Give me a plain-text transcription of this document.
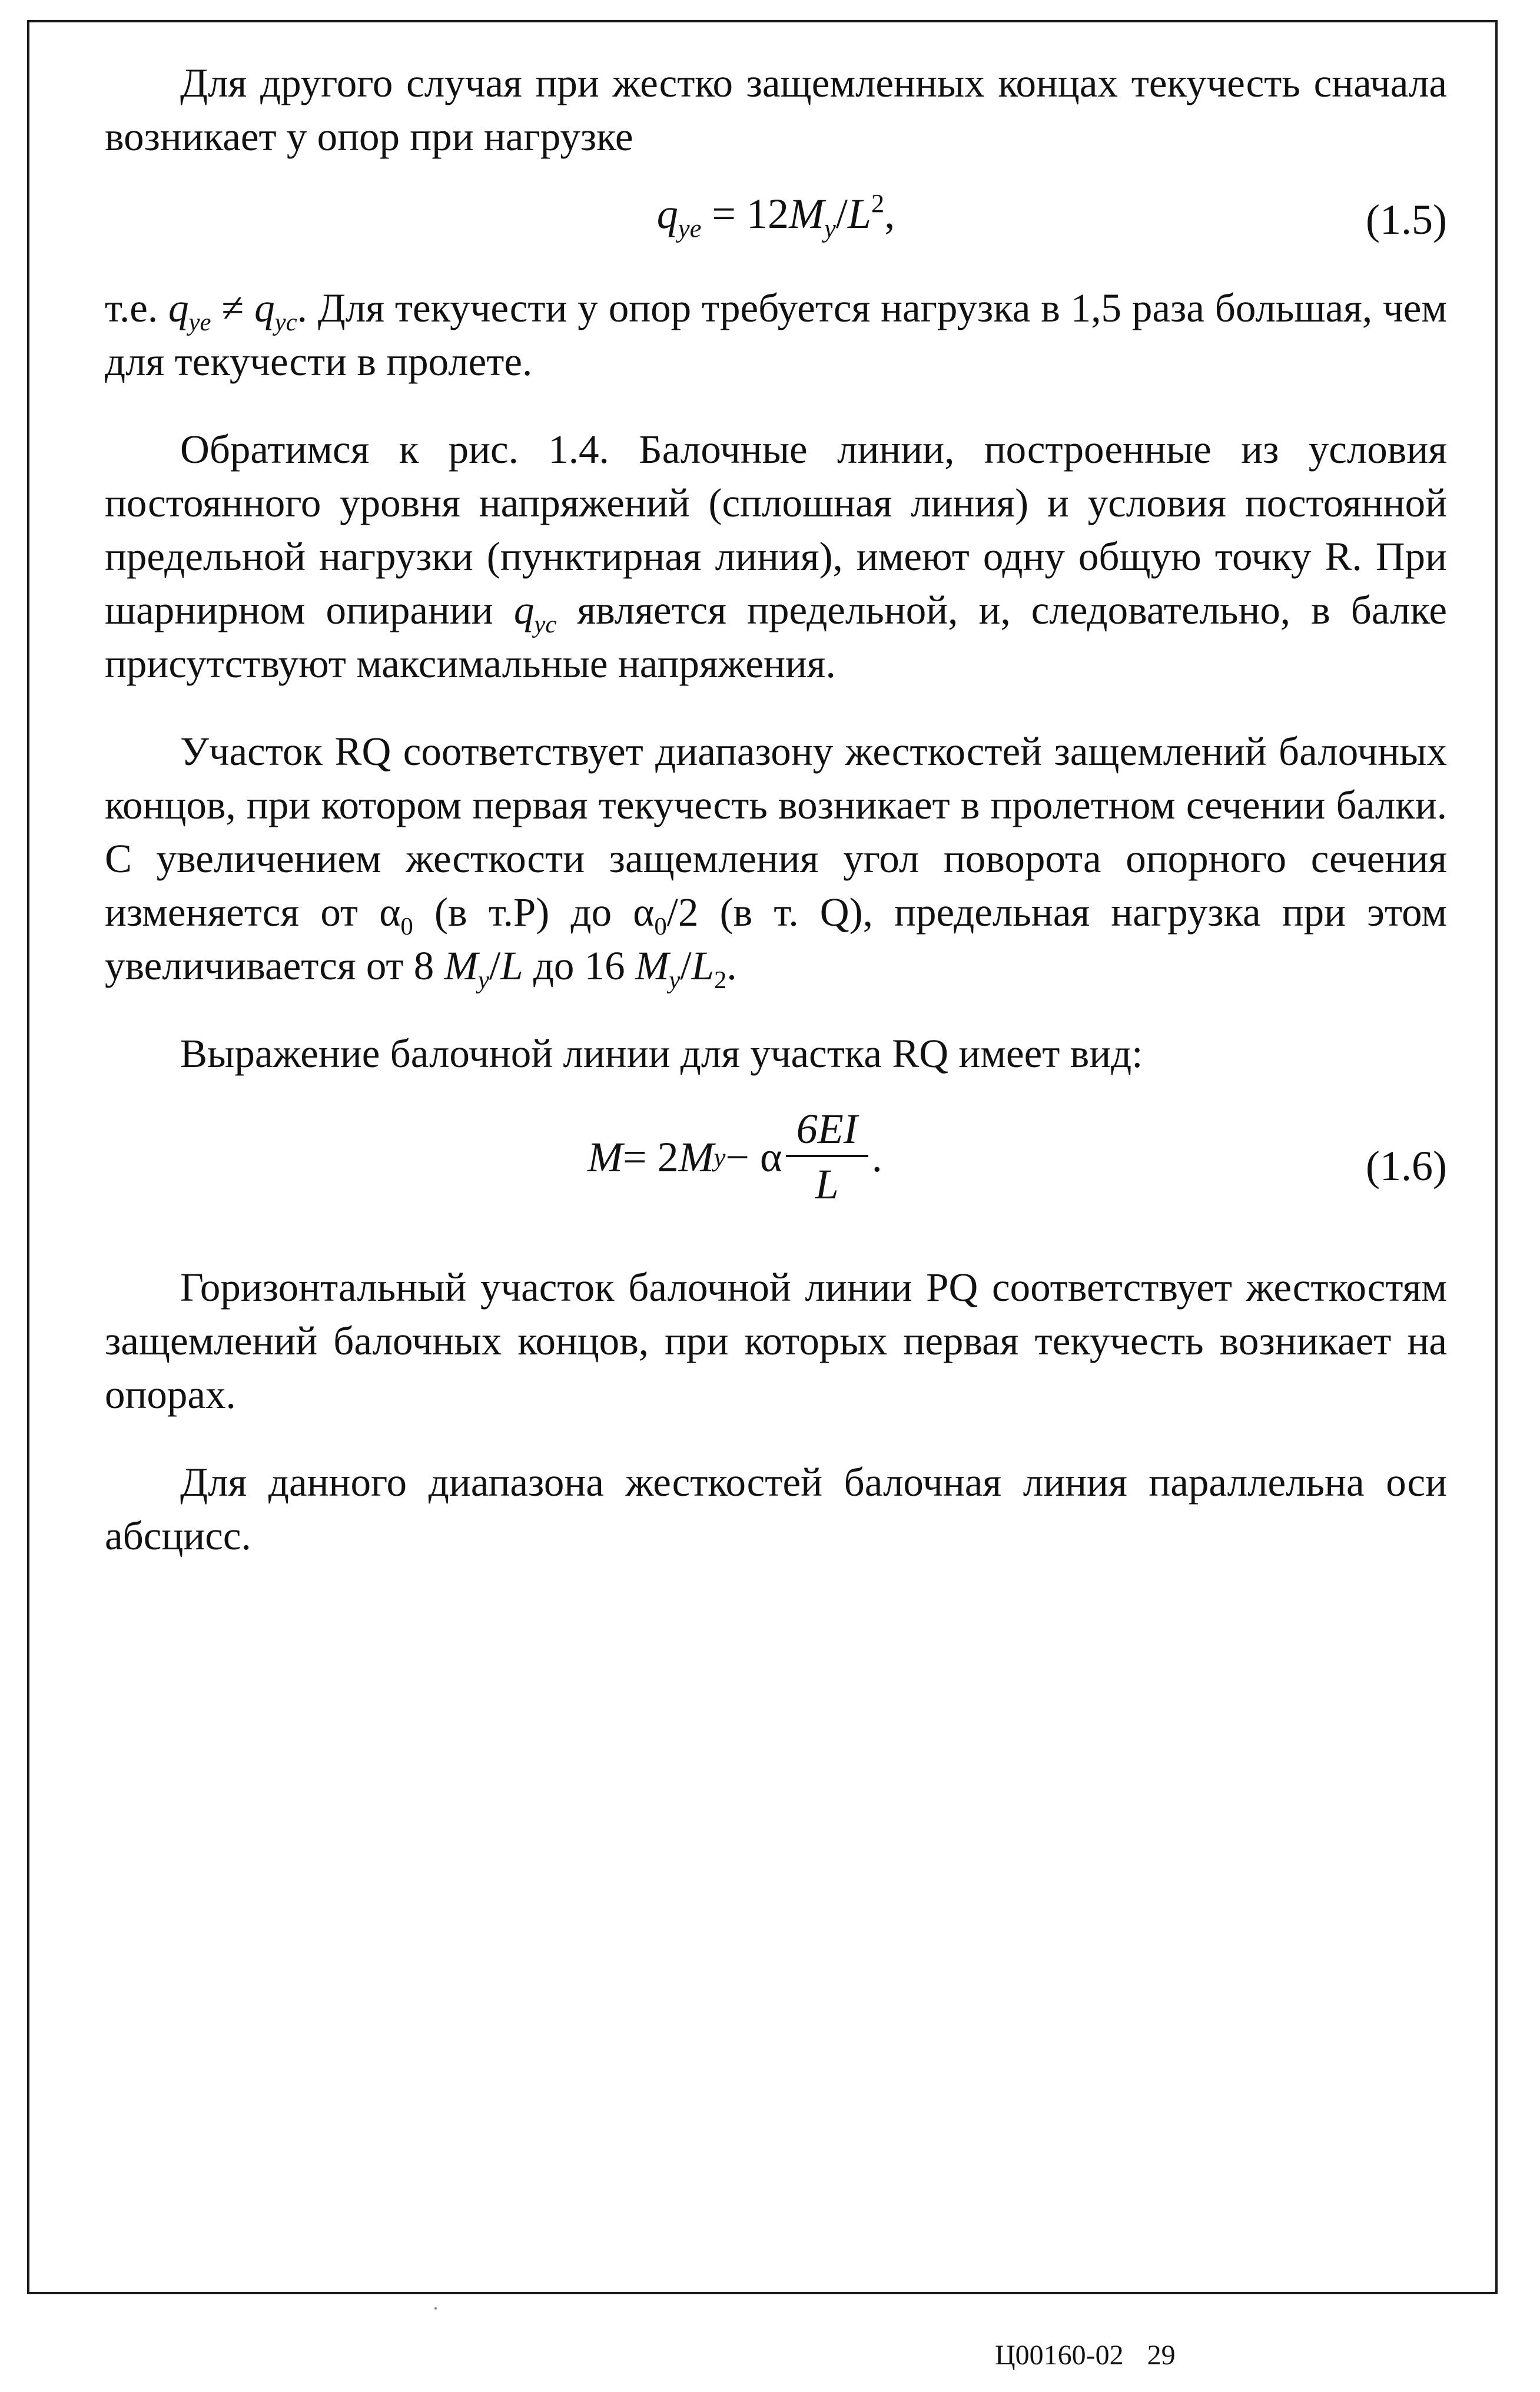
Для другого случая при жестко защемленных концах текучесть сначала возникает у опор при нагрузке

$q_{ye} = 12M_y/L^2$,	(1.5)

т.е. $q_{ye} \ne q_{yc}$. Для текучести у опор требуется нагрузка в 1,5 раза большая, чем для текучести в пролете.

Обратимся к рис. 1.4. Балочные линии, построенные из условия постоянного уровня напряжений (сплошная линия) и условия постоянной предельной нагрузки (пунктирная линия), имеют одну общую точку R. При шарнирном опирании $q_{yc}$ является предельной, и, следовательно, в балке присутствуют максимальные напряжения.

Участок RQ соответствует диапазону жесткостей защемлений балочных концов, при котором первая текучесть возникает в пролетном сечении балки. С увеличением жесткости защемления угол поворота опорного сечения изменяется от $\alpha_0$ (в т.P) до $\alpha_0/2$ (в т. Q), предельная нагрузка при этом увеличивается от 8 $M_y/L$ до 16 $M_y/L_2$.

Выражение балочной линии для участка RQ имеет вид:

M = 2 M y − α $\frac{6EI}{L}$ .	(1.6)

Горизонтальный участок балочной линии PQ соответствует жесткостям защемлений балочных концов, при которых первая текучесть возникает на опорах.

Для данного диапазона жесткостей балочная линия параллельна оси абсцисс.

Ц00160-02 29
